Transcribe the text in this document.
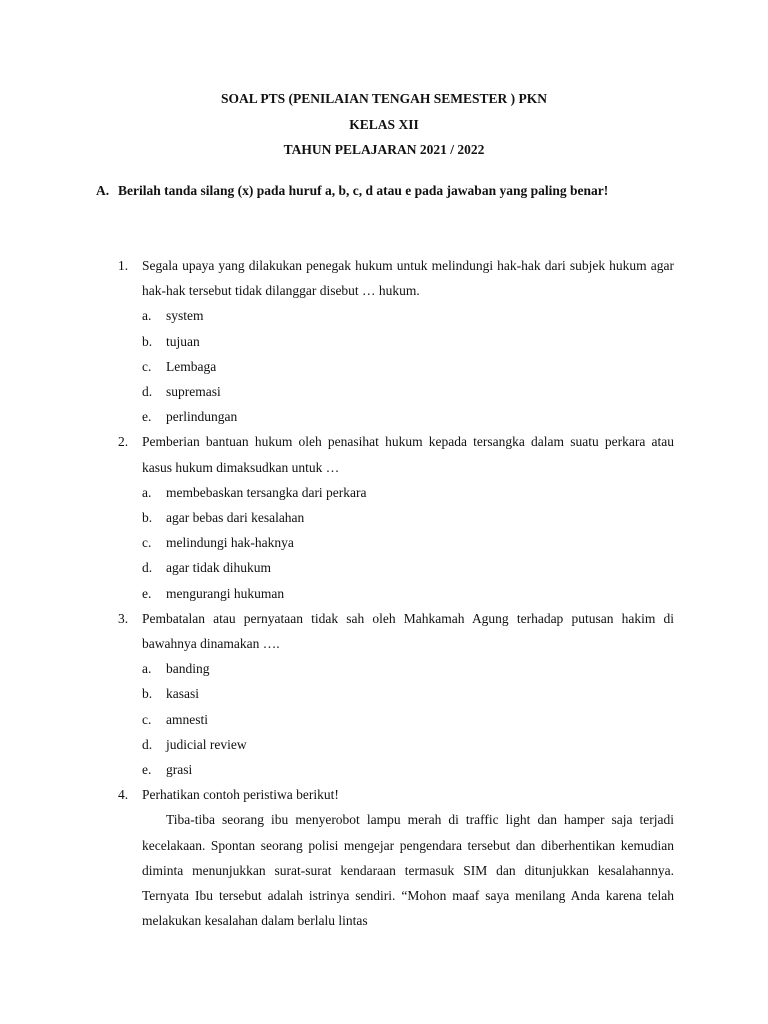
SOAL PTS (PENILAIAN TENGAH SEMESTER ) PKN
KELAS XII
TAHUN PELAJARAN 2021 / 2022
A. Berilah tanda silang (x) pada huruf a, b, c, d atau e pada jawaban yang paling benar!
1. Segala upaya yang dilakukan penegak hukum untuk melindungi hak-hak dari subjek hukum agar hak-hak tersebut tidak dilanggar disebut … hukum.
a. system
b. tujuan
c. Lembaga
d. supremasi
e. perlindungan
2. Pemberian bantuan hukum oleh penasihat hukum kepada tersangka dalam suatu perkara atau kasus hukum dimaksudkan untuk …
a. membebaskan tersangka dari perkara
b. agar bebas dari kesalahan
c. melindungi hak-haknya
d. agar tidak dihukum
e. mengurangi hukuman
3. Pembatalan atau pernyataan tidak sah oleh Mahkamah Agung terhadap putusan hakim di bawahnya dinamakan ….
a. banding
b. kasasi
c. amnesti
d. judicial review
e. grasi
4. Perhatikan contoh peristiwa berikut!
Tiba-tiba seorang ibu menyerobot lampu merah di traffic light dan hamper saja terjadi kecelakaan. Spontan seorang polisi mengejar pengendara tersebut dan diberhentikan kemudian diminta menunjukkan surat-surat kendaraan termasuk SIM dan ditunjukkan kesalahannya. Ternyata Ibu tersebut adalah istrinya sendiri. “Mohon maaf saya menilang Anda karena telah melakukan kesalahan dalam berlalu lintas
